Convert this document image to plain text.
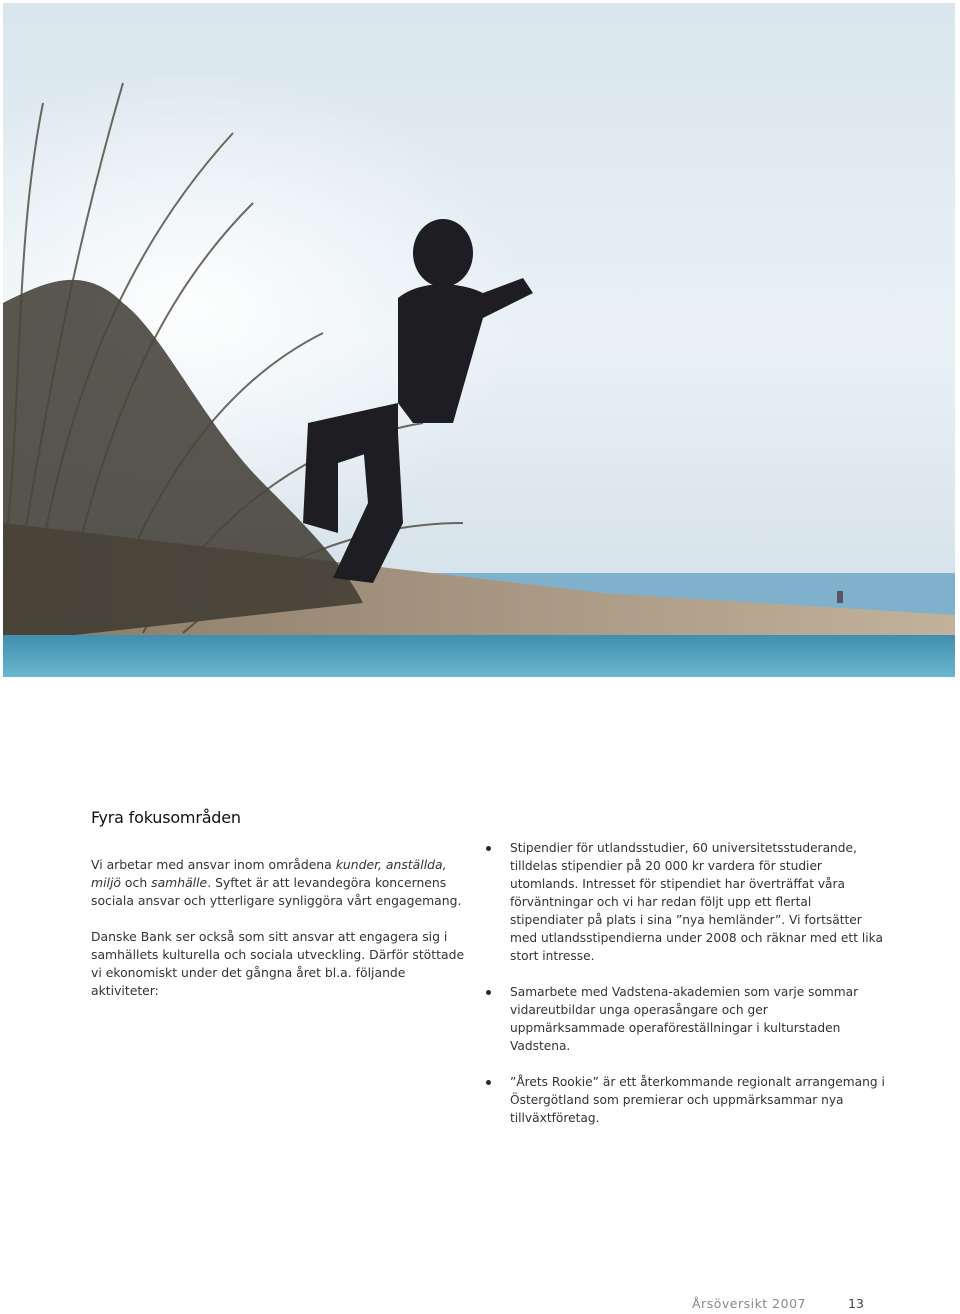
Fyra fokusområden

Vi arbetar med ansvar inom områdena kunder, anställda, miljö och samhälle. Syftet är att levandegöra koncernens sociala ansvar och ytterligare synliggöra vårt engagemang.

Danske Bank ser också som sitt ansvar att engagera sig i samhällets kulturella och sociala utveckling. Därför stöttade vi ekonomiskt under det gångna året bl.a. följande aktiviteter:

Stipendier för utlandsstudier, 60 universitetsstuderande, tilldelas stipendier på 20 000 kr vardera för studier utomlands. Intresset för stipendiet har överträffat våra förväntningar och vi har redan följt upp ett flertal stipendiater på plats i sina ”nya hemländer”. Vi fortsätter med utlandsstipendierna under 2008 och räknar med ett lika stort intresse.
Samarbete med Vadstena-akademien som varje sommar vidareutbildar unga operasångare och ger uppmärksammade operaföreställningar i kulturstaden Vadstena.
”Årets Rookie” är ett återkommande regionalt arrangemang i Östergötland som premierar och uppmärksammar nya tillväxtföretag.
Årsöversikt 2007	13
